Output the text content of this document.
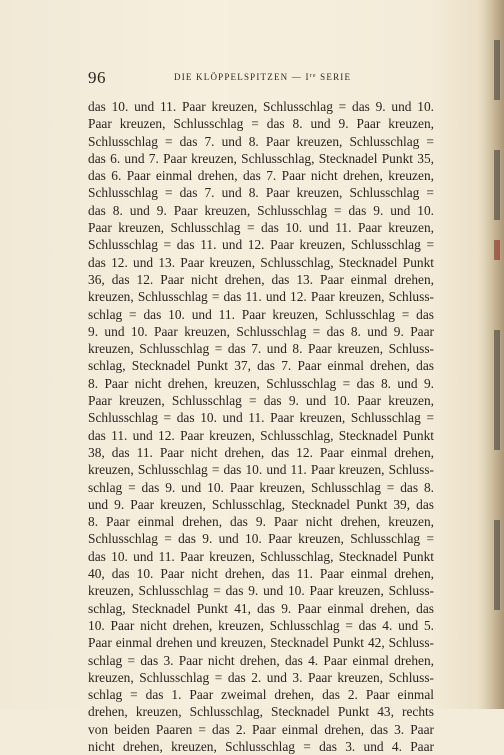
96	DIE KLÖPPELSPITZEN — Ire SERIE
das 10. und 11. Paar kreuzen, Schlusschlag = das 9. und 10.
Paar kreuzen, Schlusschlag = das 8. und 9. Paar kreuzen,
Schlusschlag = das 7. und 8. Paar kreuzen, Schlusschlag =
das 6. und 7. Paar kreuzen, Schlusschlag, Stecknadel Punkt 35,
das 6. Paar einmal drehen, das 7. Paar nicht drehen, kreuzen,
Schlusschlag = das 7. und 8. Paar kreuzen, Schlusschlag =
das 8. und 9. Paar kreuzen, Schlusschlag = das 9. und 10.
Paar kreuzen, Schlusschlag = das 10. und 11. Paar kreuzen,
Schlusschlag = das 11. und 12. Paar kreuzen, Schlusschlag =
das 12. und 13. Paar kreuzen, Schlusschlag, Stecknadel Punkt
36, das 12. Paar nicht drehen, das 13. Paar einmal drehen,
kreuzen, Schlusschlag = das 11. und 12. Paar kreuzen, Schluss-
schlag = das 10. und 11. Paar kreuzen, Schlusschlag = das
9. und 10. Paar kreuzen, Schlusschlag = das 8. und 9. Paar
kreuzen, Schlusschlag = das 7. und 8. Paar kreuzen, Schluss-
schlag, Stecknadel Punkt 37, das 7. Paar einmal drehen, das
8. Paar nicht drehen, kreuzen, Schlusschlag = das 8. und 9.
Paar kreuzen, Schlusschlag = das 9. und 10. Paar kreuzen,
Schlusschlag = das 10. und 11. Paar kreuzen, Schlusschlag =
das 11. und 12. Paar kreuzen, Schlusschlag, Stecknadel Punkt
38, das 11. Paar nicht drehen, das 12. Paar einmal drehen,
kreuzen, Schlusschlag = das 10. und 11. Paar kreuzen, Schluss-
schlag = das 9. und 10. Paar kreuzen, Schlusschlag = das 8.
und 9. Paar kreuzen, Schlusschlag, Stecknadel Punkt 39, das
8. Paar einmal drehen, das 9. Paar nicht drehen, kreuzen,
Schlusschlag = das 9. und 10. Paar kreuzen, Schlusschlag =
das 10. und 11. Paar kreuzen, Schlusschlag, Stecknadel Punkt
40, das 10. Paar nicht drehen, das 11. Paar einmal drehen,
kreuzen, Schlusschlag = das 9. und 10. Paar kreuzen, Schluss-
schlag, Stecknadel Punkt 41, das 9. Paar einmal drehen, das
10. Paar nicht drehen, kreuzen, Schlusschlag = das 4. und 5.
Paar einmal drehen und kreuzen, Stecknadel Punkt 42, Schluss-
schlag = das 3. Paar nicht drehen, das 4. Paar einmal drehen,
kreuzen, Schlusschlag = das 2. und 3. Paar kreuzen, Schluss-
schlag = das 1. Paar zweimal drehen, das 2. Paar einmal
drehen, kreuzen, Schlusschlag, Stecknadel Punkt 43, rechts
von beiden Paaren = das 2. Paar einmal drehen, das 3. Paar
nicht drehen, kreuzen, Schlusschlag = das 3. und 4. Paar
